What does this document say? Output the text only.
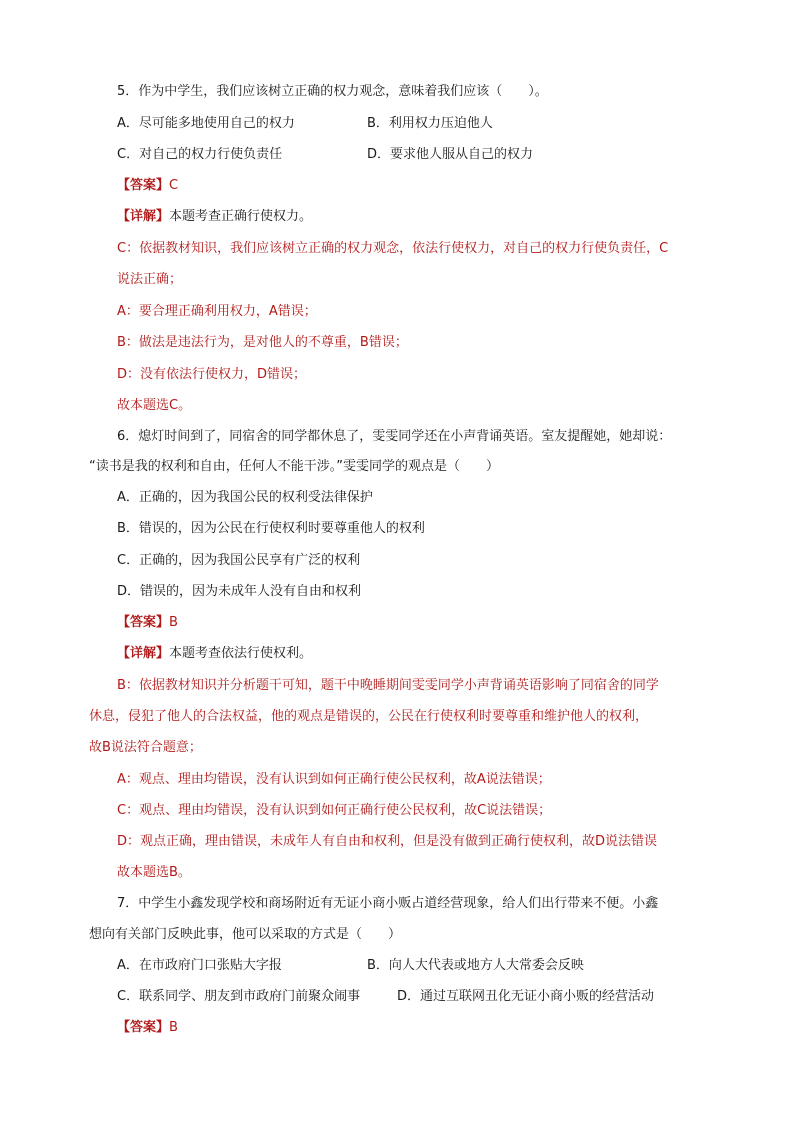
5．作为中学生，我们应该树立正确的权力观念，意味着我们应该（　　）。
A．尽可能多地使用自己的权力	B．利用权力压迫他人
C．对自己的权力行使负责任	D．要求他人服从自己的权力
【答案】C
【详解】本题考查正确行使权力。
C：依据教材知识，我们应该树立正确的权力观念，依法行使权力，对自己的权力行使负责任，C
说法正确；
A：要合理正确利用权力，A错误；
B：做法是违法行为，是对他人的不尊重，B错误；
D：没有依法行使权力，D错误；
故本题选C。
6．熄灯时间到了，同宿舍的同学都休息了，雯雯同学还在小声背诵英语。室友提醒她，她却说：
“读书是我的权利和自由，任何人不能干涉。”雯雯同学的观点是（　　）
A．正确的，因为我国公民的权利受法律保护
B．错误的，因为公民在行使权利时要尊重他人的权利
C．正确的，因为我国公民享有广泛的权利
D．错误的，因为未成年人没有自由和权利
【答案】B
【详解】本题考查依法行使权利。
B：依据教材知识并分析题干可知，题干中晚睡期间雯雯同学小声背诵英语影响了同宿舍的同学
休息，侵犯了他人的合法权益，他的观点是错误的，公民在行使权利时要尊重和维护他人的权利，
故B说法符合题意；
A：观点、理由均错误，没有认识到如何正确行使公民权利，故A说法错误；
C：观点、理由均错误，没有认识到如何正确行使公民权利，故C说法错误；
D：观点正确，理由错误，未成年人有自由和权利，但是没有做到正确行使权利，故D说法错误
故本题选B。
7．中学生小鑫发现学校和商场附近有无证小商小贩占道经营现象，给人们出行带来不便。小鑫
想向有关部门反映此事，他可以采取的方式是（　　）
A．在市政府门口张贴大字报	B．向人大代表或地方人大常委会反映
C．联系同学、朋友到市政府门前聚众闹事	D．通过互联网丑化无证小商小贩的经营活动
【答案】B
